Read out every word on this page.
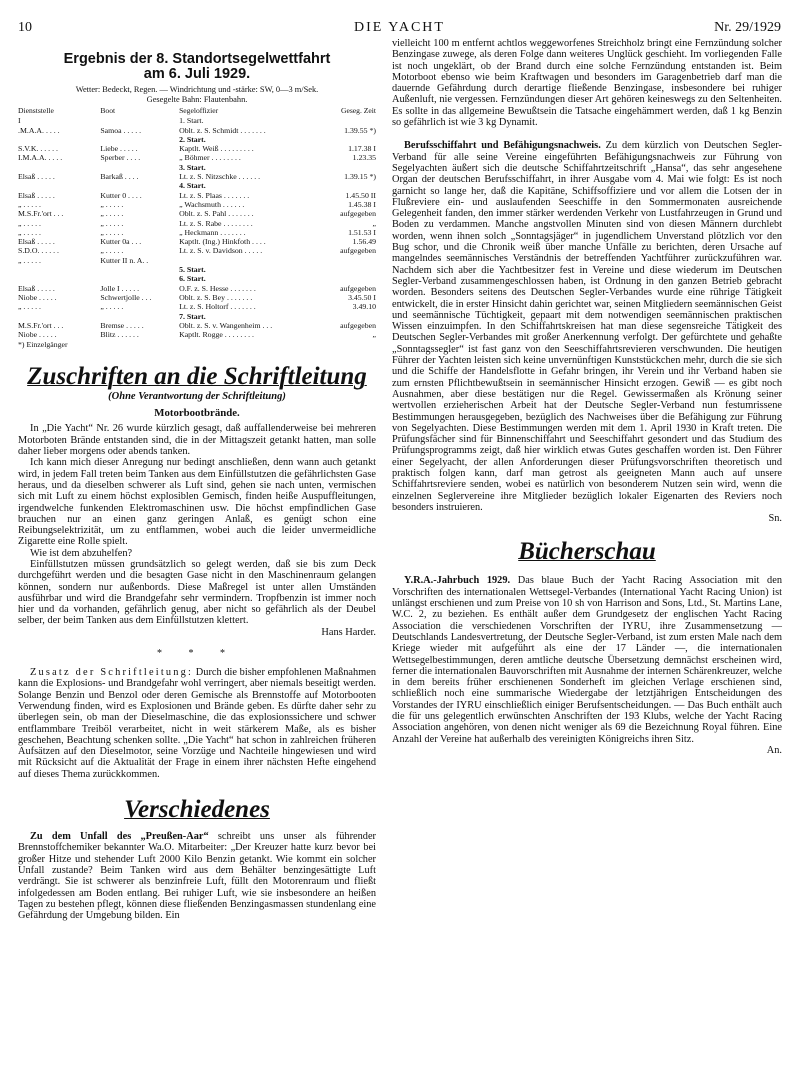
10	DIE YACHT	Nr. 29/1929
Ergebnis der 8. Standortsegelwettfahrt
am 6. Juli 1929.
Wetter: Bedeckt, Regen. — Windrichtung und -stärke: SW, 0—3 m/Sek.
Gesegelte Bahn: Flautenbahn.
Dienststelle	Boot	Segeloffizier	Geseg. Zeit
I		1. Start.	
.M.A.A. . . . .	Samoa . . . . .	Oblt. z. S. Schmidt . . . . . . .	1.39.55 *)
		2. Start.	
S.V.K. . . . . .	Liebe . . . . .	Kaptlt. Weiß . . . . . . . . .	1.17.38 I
I.M.A.A. . . . .	Sperber . . . .	„ Böhmer . . . . . . . .	1.23.35
		3. Start.	
Elsaß . . . . .	Barkaß . . . .	Lt. z. S. Nitzschke . . . . . .	1.39.15 *)
		4. Start.	
Elsaß . . . . .	Kutter 0 . . . .	Lt. z. S. Plaas . . . . . . .	1.45.50 II
„ . . . . .	„ . . . . .	„ Wachsmuth . . . . . .	1.45.38 I
M.S.Fr.'ort . . .	„ . . . . .	Oblt. z. S. Pahl . . . . . . .	aufgegeben
„ . . . . .	„ . . . . .	Lt. z. S. Rabe . . . . . . . .	„
„ . . . . .	„ . . . . .	„ Heckmann . . . . . . .	1.51.53 I
Elsaß . . . . .	Kutter 0a . . .	Kaptlt. (Ing.) Hinkfoth . . . .	1.56.49
S.D.O. . . . . .	„ . . . . .	Lt. z. S. v. Davidson . . . . .	aufgegeben
„ . . . . .	Kutter II n. A. .		
		5. Start.	
		6. Start.	
Elsaß . . . . .	Jolle I . . . . .	O.F. z. S. Hesse . . . . . . .	aufgegeben
Niobe . . . . .	Schwertjolle . . .	Oblt. z. S. Bey . . . . . . .	3.45.50 I
„ . . . . .	„ . . . . .	Lt. z. S. Holtorf . . . . . . .	3.49.10
		7. Start.	
M.S.Fr.'ort . . .	Bremse . . . . .	Oblt. z. S. v. Wangenheim . . .	aufgegeben
Niobe . . . . .	Blitz . . . . . .	Kaptlt. Rogge . . . . . . . .	„
*) Einzelgänger
Zuschriften an die Schriftleitung
(Ohne Verantwortung der Schriftleitung)
Motorbootbrände.

In „Die Yacht“ Nr. 26 wurde kürzlich gesagt, daß auffallenderweise bei mehreren Motorboten Brände entstanden sind, die in der Mittagszeit getankt hatten, man solle daher lieber morgens oder abends tanken.

Ich kann mich dieser Anregung nur bedingt anschließen, denn wann auch getankt wird, in jedem Fall treten beim Tanken aus dem Einfüllstutzen die gefährlichsten Gase heraus, und da dieselben schwerer als Luft sind, gehen sie nach unten, vermischen sich mit Luft zu einem höchst explosiblen Gemisch, finden heiße Auspuffleitungen, irgendwelche funkenden Elektromaschinen usw. Die höchst empfindlichen Gase brauchen nur an einen ganz geringen Anlaß, es genügt schon eine Reibungselektrizität, um zu entflammen, wobei auch die leider unvermeidliche Zigarette eine Rolle spielt.

Wie ist dem abzuhelfen?

Einfüllstutzen müssen grundsätzlich so gelegt werden, daß sie bis zum Deck durchgeführt werden und die besagten Gase nicht in den Maschinenraum gelangen können, sondern nur außenbords. Diese Maßregel ist unter allen Umständen ausführbar und wird die Brandgefahr sehr vermindern. Tropfbenzin ist immer noch hier und da vorhanden, gefährlich genug, aber nicht so gefährlich als der Deubel selber, der beim Tanken aus dem Einfüllstutzen klettert.

Hans Harder.
* * *

Zusatz der Schriftleitung: Durch die bisher empfohlenen Maßnahmen kann die Explosions- und Brandgefahr wohl verringert, aber niemals beseitigt werden. Solange Benzin und Benzol oder deren Gemische als Brennstoffe auf Motorbooten Verwendung finden, wird es Explosionen und Brände geben. Es dürfte daher sehr zu überlegen sein, ob man der Dieselmaschine, die das explosionssichere und schwer entflammbare Treiböl verarbeitet, nicht in weit stärkerem Maße, als es bisher geschehen, Beachtung schenken sollte. „Die Yacht“ hat schon in zahlreichen früheren Aufsätzen auf den Dieselmotor, seine Vorzüge und Nachteile hingewiesen und wird mit Rücksicht auf die Aktualität der Frage in einem ihrer nächsten Hefte eingehend auf dieses Thema zurückkommen.

Verschiedenes

Zu dem Unfall des „Preußen-Aar“ schreibt uns unser als führender Brennstoffchemiker bekannter Wa.O. Mitarbeiter: „Der Kreuzer hatte kurz bevor bei großer Hitze und stehender Luft 2000 Kilo Benzin getankt. Wie kommt ein solcher Unfall zustande? Beim Tanken wird aus dem Behälter benzingesättigte Luft verdrängt. Sie ist schwerer als benzinfreie Luft, füllt den Motorenraum und fließt infolgedessen am Boden entlang. Bei ruhiger Luft, wie sie insbesondere an heißen Tagen zu bestehen pflegt, können diese fließenden Benzingasmassen stundenlang eine Gefährdung der Umgebung bilden. Ein

vielleicht 100 m entfernt achtlos weggeworfenes Streichholz bringt eine Fernzündung solcher Benzingase zuwege, als deren Folge dann weiteres Unglück geschieht. Im vorliegenden Falle ist noch ungeklärt, ob der Brand durch eine solche Fernzündung entstanden ist. Beim Motorboot ebenso wie beim Kraftwagen und besonders im Garagenbetrieb darf man die dauernde Gefährdung durch derartige fließende Benzingase, insbesondere bei ruhiger Außenluft, nie vergessen. Fernzündungen dieser Art gehören keineswegs zu den Seltenheiten. Es sollte in das allgemeine Bewußtsein die Tatsache eingehämmert werden, daß 1 kg Benzin so gefährlich ist wie 3 kg Dynamit.

Berufsschiffahrt und Befähigungsnachweis. Zu dem kürzlich von Deutschen Segler-Verband für alle seine Vereine eingeführten Befähigungsnachweis zur Führung von Segelyachten äußert sich die deutsche Schiffahrtzeitschrift „Hansa“, das sehr angesehene Organ der deutschen Berufsschiffahrt, in ihrer Ausgabe vom 4. Mai wie folgt: Es ist noch garnicht so lange her, daß die Kapitäne, Schiffsoffiziere und vor allem die Lotsen der in Flußreviere ein- und auslaufenden Seeschiffe in den Sommermonaten ausreichende Gelegenheit fanden, den immer stärker werdenden Verkehr von Lustfahrzeugen in Grund und Boden zu verdammen. Manche angstvollen Minuten sind von diesen Männern durchlebt worden, wenn ihnen solch „Sonntagsjäger“ in jugendlichem Unverstand plötzlich vor den Bug schor, und die Chronik weiß über manche Unfälle zu berichten, deren Ursache auf mangelndes seemännisches Verständnis der betreffenden Yachtführer zurückzuführen war. Nachdem sich aber die Yachtbesitzer fest in Vereine und diese wiederum im Deutschen Segler-Verband zusammengeschlossen haben, ist Ordnung in den ganzen Betrieb gebracht worden. Besonders seitens des Deutschen Segler-Verbandes wurde eine rührige Tätigkeit entwickelt, die in erster Hinsicht dahin gerichtet war, seinen Mitgliedern seemännischen Geist und seemännische Tüchtigkeit, gepaart mit dem notwendigen seemännischen praktischen Wissen einzuimpfen. In den Schiffahrtskreisen hat man diese segensreiche Tätigkeit des Deutschen Segler-Verbandes mit großer Anerkennung verfolgt. Der gefürchtete und gehaßte „Sonntagssegler“ ist fast ganz von den Seeschiffahrtsrevieren verschwunden. Die heutigen Führer der Yachten leisten sich keine unvernünftigen Kunststückchen mehr, durch die sie sich und die Schiffe der Handelsflotte in Gefahr bringen, ihr Verein und ihr Verband haben sie zum ernsten Pflichtbewußtsein in seemännischer Hinsicht erzogen. Gewiß — es gibt noch Ausnahmen, aber diese bestätigen nur die Regel. Gewissermaßen als Krönung seiner wertvollen erzieherischen Arbeit hat der Deutsche Segler-Verband nun festumrissene Bestimmungen herausgegeben, bezüglich des Nachweises über die Befähigung zur Führung von Segelyachten. Diese Bestimmungen werden mit dem 1. April 1930 in Kraft treten. Die Prüfungsfächer sind für Binnenschiffahrt und Seeschiffahrt gesondert und das Studium des Prüfungsprogramms zeigt, daß hier wirklich etwas Gutes geschaffen worden ist. Den Führer einer Segelyacht, der allen Anforderungen dieser Prüfungsvorschriften theoretisch und praktisch folgen kann, darf man getrost als geeigneten Mann auch auf unsere Schiffahrtsreviere senden, wobei es natürlich von besonderem Nutzen sein wird, wenn die einzelnen Seglervereine ihre Mitglieder bezüglich lokaler Eigenarten des Reviers noch besonders instruieren.

Sn.
Bücherschau

Y.R.A.-Jahrbuch 1929. Das blaue Buch der Yacht Racing Association mit den Vorschriften des internationalen Wettsegel-Verbandes (International Yacht Racing Union) ist unlängst erschienen und zum Preise von 10 sh von Harrison and Sons, Ltd., St. Martins Lane, W.C. 2, zu beziehen. Es enthält außer dem Grundgesetz der englischen Yacht Racing Association die verschiedenen Vorschriften der IYRU, ihre Zusammensetzung — Deutschlands Landesvertretung, der Deutsche Segler-Verband, ist zum ersten Male nach dem Kriege wieder mit aufgeführt als eine der 17 Länder —, die internationalen Wettsegelbestimmungen, deren amtliche deutsche Übersetzung demnächst erscheinen wird, ferner die internationalen Bauvorschriften mit Ausnahme der internen Schärenkreuzer, welche in dem bereits früher erschienenen Sonderheft im gleichen Verlage erschienen sind, schließlich noch eine summarische Wiedergabe der letztjährigen Entscheidungen des Vorstandes der IYRU einschließlich einiger Berufsentscheidungen. — Das Buch enthält auch die für uns gelegentlich erwünschten Anschriften der 193 Klubs, welche der Yacht Racing Association angehören, von denen nicht weniger als 69 die Bezeichnung Royal führen. Eine Anzahl der Vereine hat außerhalb des vereinigten Königreichs ihren Sitz.

An.
